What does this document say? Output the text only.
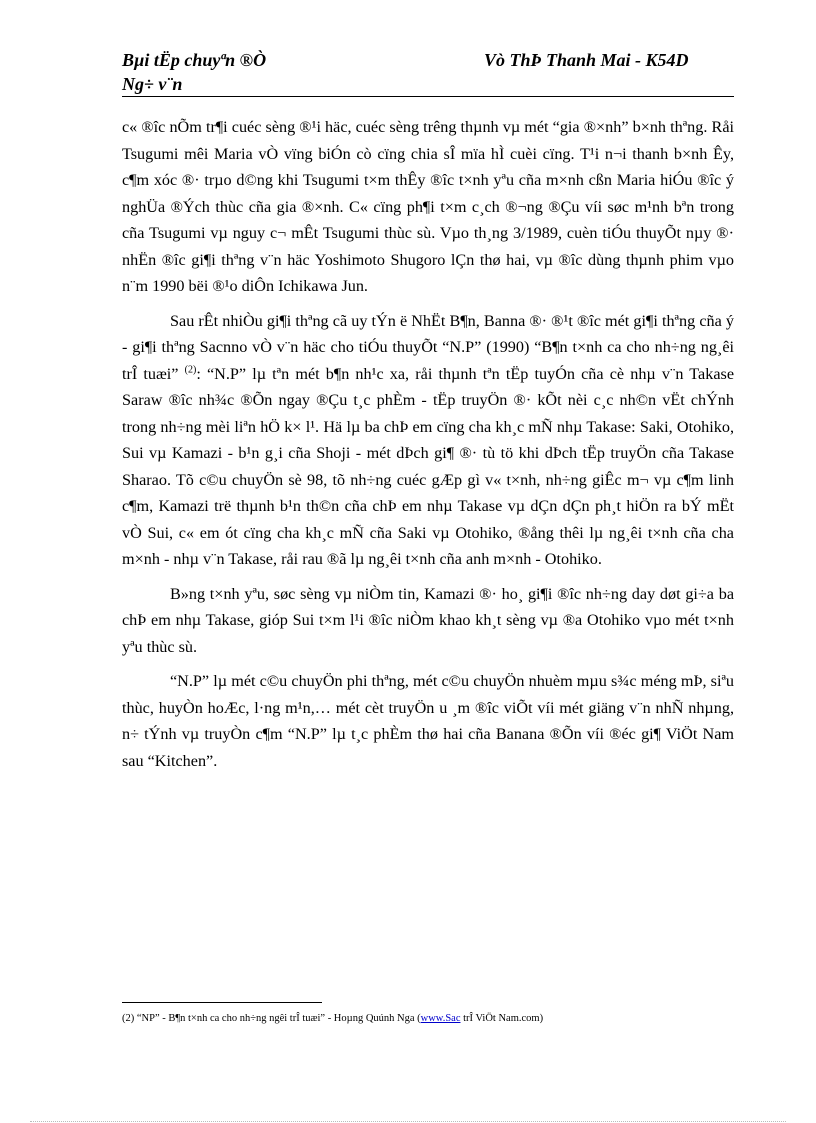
Bµi tËp chuyªn ®Ò
Ng÷ v¨n
Vò ThÞ Thanh Mai - K54D

c« ®îc nÕm tr¶i cuéc sèng ®¹i häc, cuéc sèng trêng thµnh vµ mét “gia ®×nh” b×nh thªng. Råi Tsugumi mêi Maria vÒ vïng biÓn cò cïng chia sÎ mïa hÌ cuèi cïng. T¹i n¬i thanh b×nh Êy, c¶m xóc ®· trµo d©ng khi Tsugumi t×m thÊy ®îc t×nh yªu cña m×nh cßn Maria hiÓu ®îc ý nghÜa ®Ých thùc cña gia ®×nh. C« cïng ph¶i t×m c¸ch ®¬ng ®Çu víi søc m¹nh bªn trong cña Tsugumi vµ nguy c¬ mÊt Tsugumi thùc sù. Vµo th¸ng 3/1989, cuèn tiÓu thuyÕt nµy ®· nhËn ®îc gi¶i thªng v¨n häc Yoshimoto Shugoro lÇn thø hai, vµ ®îc dùng thµnh phim vµo n¨m 1990 bëi ®¹o diÔn Ichikawa Jun.

Sau rÊt nhiÒu gi¶i thªng cã uy tÝn ë NhËt B¶n, Banna ®· ®¹t ®îc mét gi¶i thªng cña ý - gi¶i thªng Sacnno vÒ v¨n häc cho tiÓu thuyÕt “N.P” (1990) “B¶n t×nh ca cho nh÷ng ng¸êi trÎ tuæi” $^{(2)}$: “N.P” lµ tªn mét b¶n nh¹c xa, råi thµnh tªn tËp tuyÓn cña cè nhµ v¨n Takase Saraw ®îc nh¾c ®Õn ngay ®Çu t¸c phÈm - tËp truyÖn ®· kÕt nèi c¸c nh©n vËt chÝnh trong nh÷ng mèi liªn hÖ k× l¹. Hä lµ ba chÞ em cïng cha kh¸c mÑ nhµ Takase: Saki, Otohiko, Sui vµ Kamazi - b¹n g¸i cña Shoji - mét dÞch gi¶ ®· tù tö khi dÞch tËp truyÖn cña Takase Sharao. Tõ c©u chuyÖn sè 98, tõ nh÷ng cuéc gÆp gì v« t×nh, nh÷ng giÊc m¬ vµ c¶m linh c¶m, Kamazi trë thµnh b¹n th©n cña chÞ em nhµ Takase vµ dÇn dÇn ph¸t hiÖn ra bÝ mËt vÒ Sui, c« em ót cïng cha kh¸c mÑ cña Saki vµ Otohiko, ®ång thêi lµ ng¸êi t×nh cña cha m×nh - nhµ v¨n Takase, råi rau ®ã lµ ng¸êi t×nh cña anh m×nh - Otohiko.

B»ng t×nh yªu, søc sèng vµ niÒm tin, Kamazi ®· ho¸ gi¶i ®îc nh÷ng day døt gi÷a ba chÞ em nhµ Takase, gióp Sui t×m l¹i ®îc niÒm khao kh¸t sèng vµ ®a Otohiko vµo mét t×nh yªu thùc sù.

“N.P” lµ mét c©u chuyÖn phi thªng, mét c©u chuyÖn nhuèm mµu s¾c méng mÞ, siªu thùc, huyÒn hoÆc, l·ng m¹n,… mét cèt truyÖn u ¸m ®îc viÕt víi mét giäng v¨n nhÑ nhµng, n÷ tÝnh vµ truyÒn c¶m “N.P” lµ t¸c phÈm thø hai cña Banana ®Õn víi ®éc gi¶ ViÖt Nam sau “Kitchen”.

(2) “NP” - B¶n t×nh ca cho nh÷ng ngêi trÎ tuæi” - Hoµng Quúnh Nga (www.Sac trÎ ViÖt Nam.com)
